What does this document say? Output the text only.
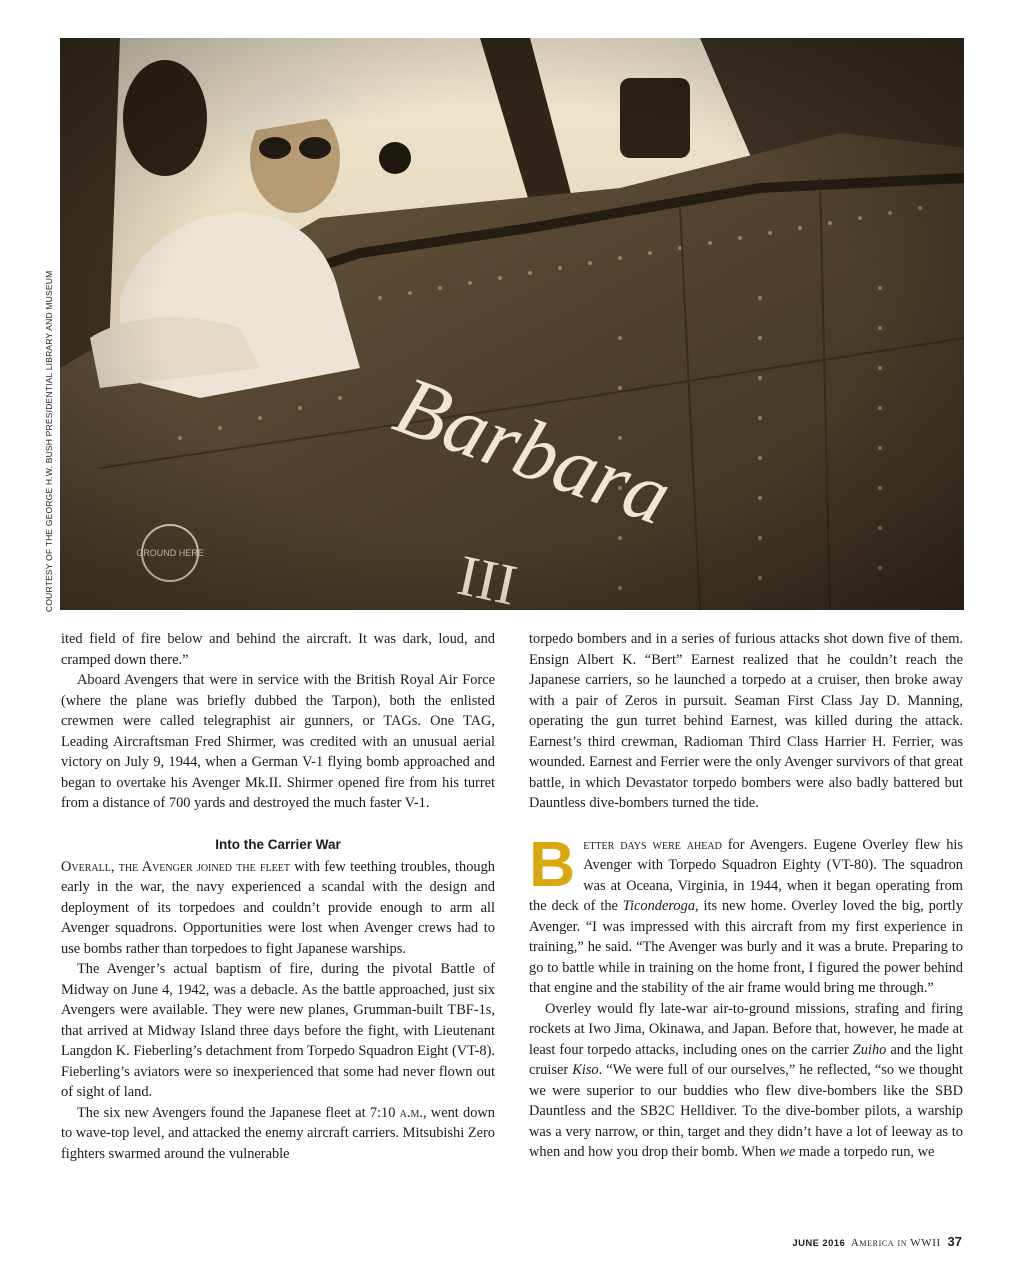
COURTESY OF THE GEORGE H.W. BUSH PRESIDENTIAL LIBRARY AND MUSEUM

ited field of fire below and behind the aircraft. It was dark, loud, and cramped down there.”

Aboard Avengers that were in service with the British Royal Air Force (where the plane was briefly dubbed the Tarpon), both the enlisted crewmen were called telegraphist air gunners, or TAGs. One TAG, Leading Aircraftsman Fred Shirmer, was credited with an unusual aerial victory on July 9, 1944, when a German V-1 flying bomb approached and began to overtake his Avenger Mk.II. Shirmer opened fire from his turret from a distance of 700 yards and destroyed the much faster V-1.

Into the Carrier War

Overall, the Avenger joined the fleet with few teething troubles, though early in the war, the navy experienced a scandal with the design and deployment of its torpedoes and couldn’t provide enough to arm all Avenger squadrons. Opportunities were lost when Avenger crews had to use bombs rather than torpedoes to fight Japanese warships.

The Avenger’s actual baptism of fire, during the pivotal Battle of Midway on June 4, 1942, was a debacle. As the battle approached, just six Avengers were available. They were new planes, Grumman-built TBF-1s, that arrived at Midway Island three days before the fight, with Lieutenant Langdon K. Fieberling’s detachment from Torpedo Squadron Eight (VT-8). Fieberling’s aviators were so inexperienced that some had never flown out of sight of land.

The six new Avengers found the Japanese fleet at 7:10 a.m., went down to wave-top level, and attacked the enemy aircraft carriers. Mitsubishi Zero fighters swarmed around the vulnerable

torpedo bombers and in a series of furious attacks shot down five of them. Ensign Albert K. “Bert” Earnest realized that he couldn’t reach the Japanese carriers, so he launched a torpedo at a cruiser, then broke away with a pair of Zeros in pursuit. Seaman First Class Jay D. Manning, operating the gun turret behind Earnest, was killed during the attack. Earnest’s third crewman, Radioman Third Class Harrier H. Ferrier, was wounded. Earnest and Ferrier were the only Avenger survivors of that great battle, in which Devastator torpedo bombers were also badly battered but Dauntless dive-bombers turned the tide.

Better days were ahead for Avengers. Eugene Overley flew his Avenger with Torpedo Squadron Eighty (VT-80). The squadron was at Oceana, Virginia, in 1944, when it began operating from the deck of the Ticonderoga, its new home. Overley loved the big, portly Avenger. “I was impressed with this aircraft from my first experience in training,” he said. “The Avenger was burly and it was a brute. Preparing to go to battle while in training on the home front, I figured the power behind that engine and the stability of the air frame would bring me through.”

Overley would fly late-war air-to-ground missions, strafing and firing rockets at Iwo Jima, Okinawa, and Japan. Before that, however, he made at least four torpedo attacks, including ones on the carrier Zuiho and the light cruiser Kiso. “We were full of our ourselves,” he reflected, “so we thought we were superior to our buddies who flew dive-bombers like the SBD Dauntless and the SB2C Helldiver. To the dive-bomber pilots, a warship was a very narrow, or thin, target and they didn’t have a lot of leeway as to when and how you drop their bomb. When we made a torpedo run, we

JUNE 2016 America in WWII 37
